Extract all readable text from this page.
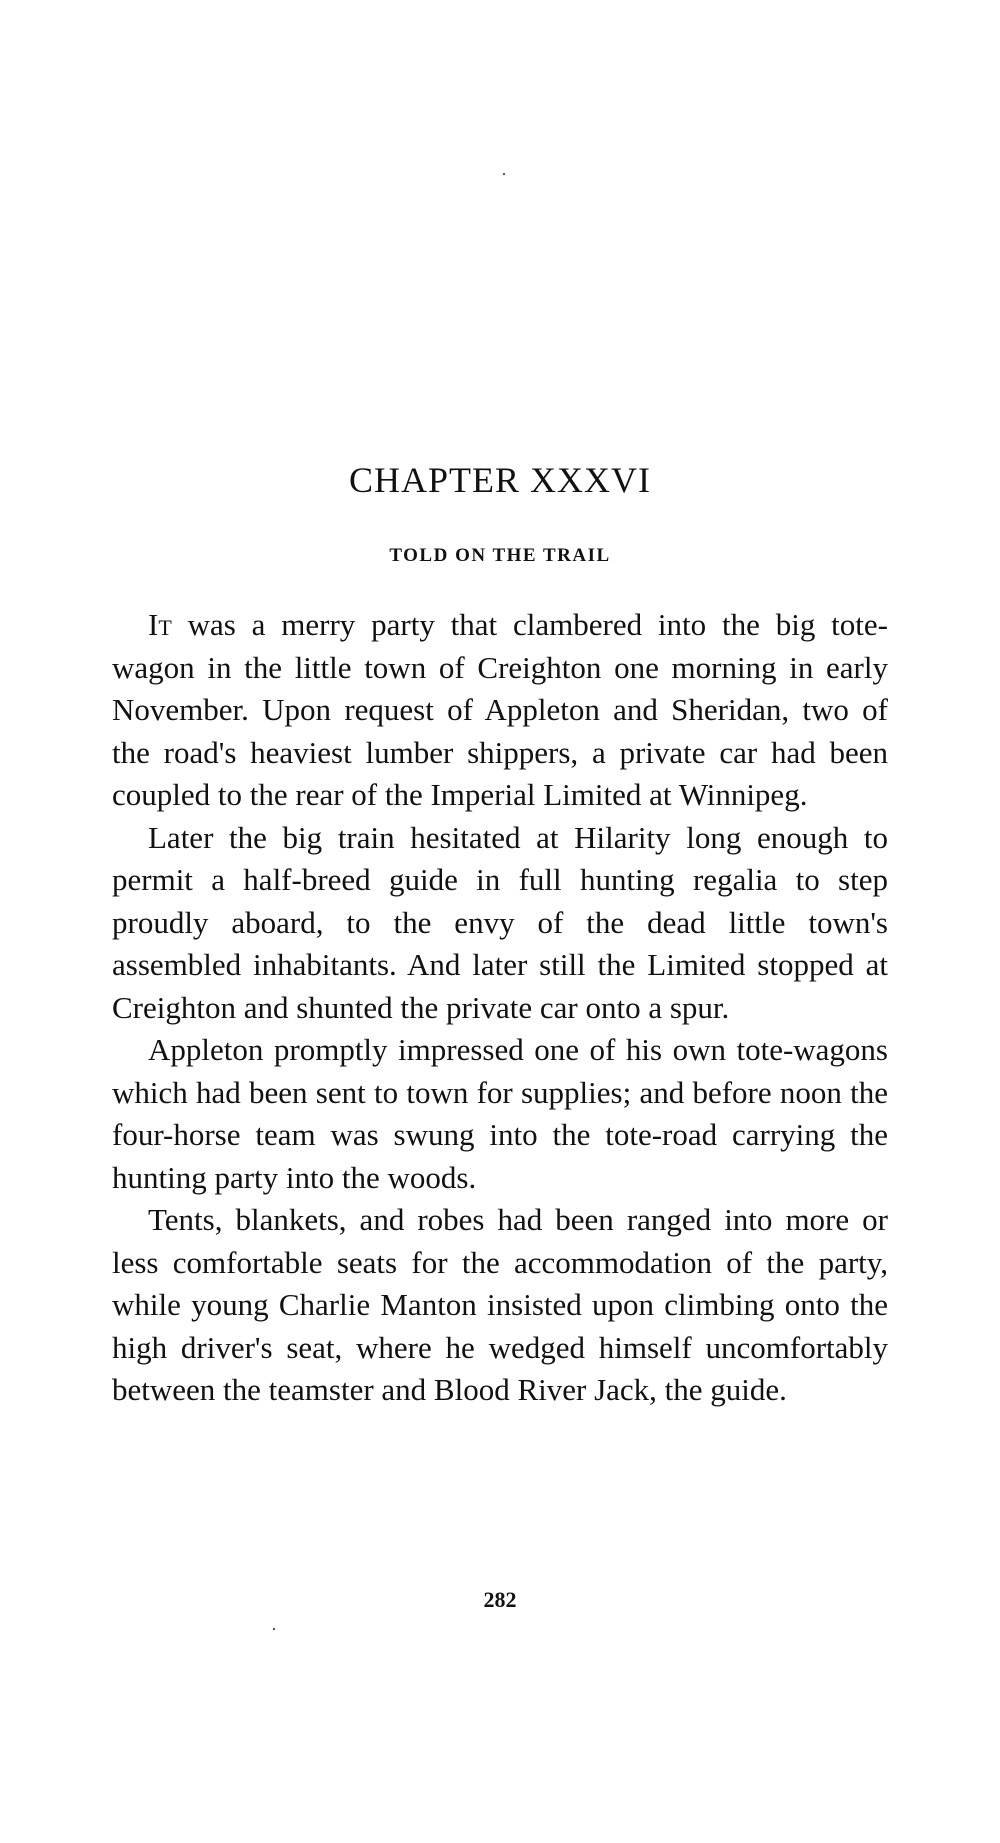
CHAPTER XXXVI
TOLD ON THE TRAIL

It was a merry party that clambered into the big tote-wagon in the little town of Creighton one morning in early November. Upon request of Appleton and Sheridan, two of the road's heaviest lumber shippers, a private car had been coupled to the rear of the Imperial Limited at Winnipeg.

Later the big train hesitated at Hilarity long enough to permit a half-breed guide in full hunting regalia to step proudly aboard, to the envy of the dead little town's assembled inhabitants. And later still the Limited stopped at Creighton and shunted the private car onto a spur.

Appleton promptly impressed one of his own tote-wagons which had been sent to town for supplies; and before noon the four-horse team was swung into the tote-road carrying the hunting party into the woods.

Tents, blankets, and robes had been ranged into more or less comfortable seats for the accommodation of the party, while young Charlie Manton insisted upon climbing onto the high driver's seat, where he wedged himself uncomfortably between the teamster and Blood River Jack, the guide.

282
